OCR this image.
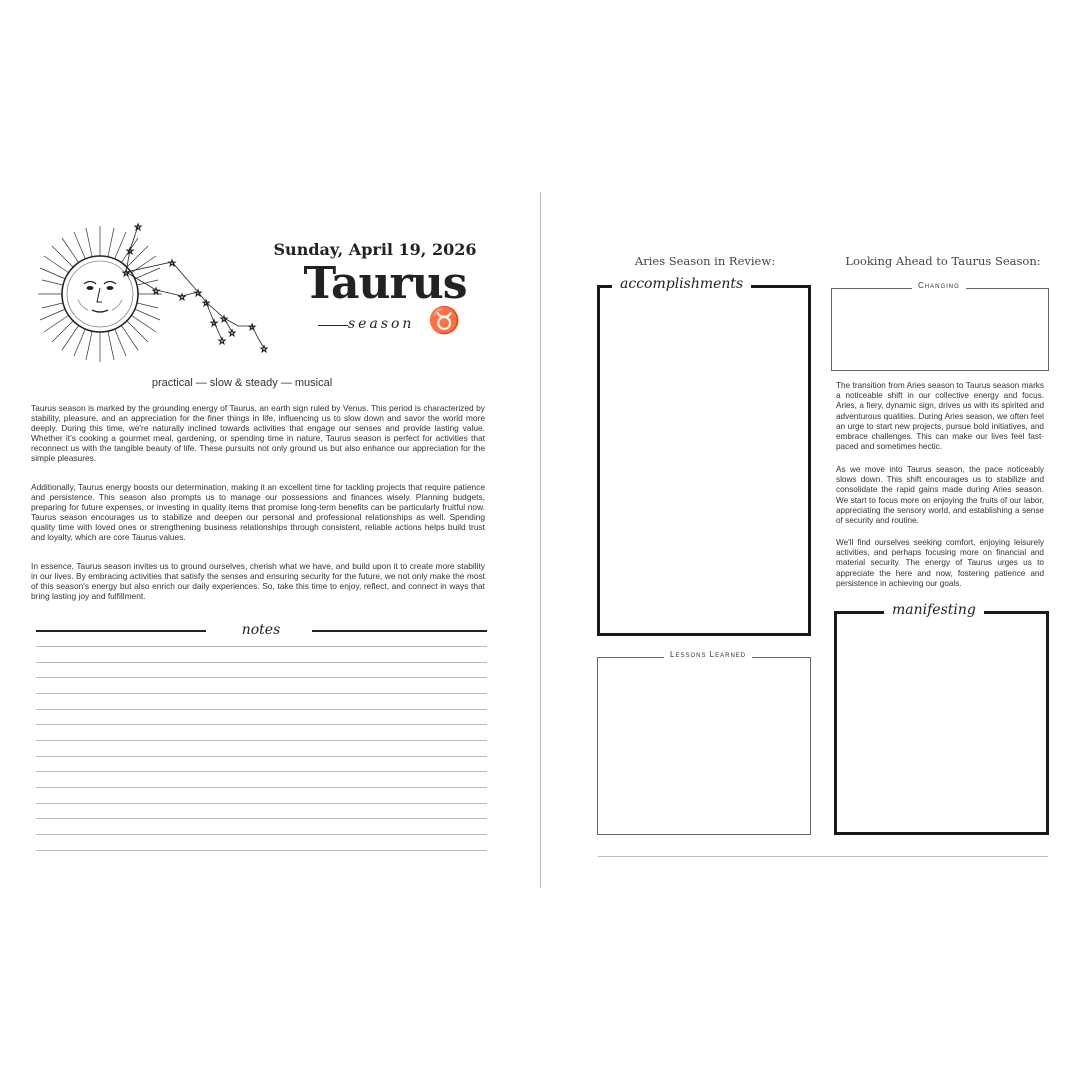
☆
☆
☆
☆
☆
☆
☆
☆
☆
☆
☆
☆
☆
☆
Sunday, April 19, 2026
Taurus
season ♉
practical — slow & steady — musical
Taurus season is marked by the grounding energy of Taurus, an earth sign ruled by Venus. This period is characterized by stability, pleasure, and an appreciation for the finer things in life, influencing us to slow down and savor the world more deeply. During this time, we're naturally inclined towards activities that engage our senses and provide lasting value. Whether it's cooking a gourmet meal, gardening, or spending time in nature, Taurus season is perfect for activities that reconnect us with the tangible beauty of life. These pursuits not only ground us but also enhance our appreciation for the simple pleasures.
Additionally, Taurus energy boosts our determination, making it an excellent time for tackling projects that require patience and persistence. This season also prompts us to manage our possessions and finances wisely. Planning budgets, preparing for future expenses, or investing in quality items that promise long-term benefits can be particularly fruitful now. Taurus season encourages us to stabilize and deepen our personal and professional relationships as well. Spending quality time with loved ones or strengthening business relationships through consistent, reliable actions helps build trust and loyalty, which are core Taurus values.
In essence, Taurus season invites us to ground ourselves, cherish what we have, and build upon it to create more stability in our lives. By embracing activities that satisfy the senses and ensuring security for the future, we not only make the most of this season's energy but also enrich our daily experiences. So, take this time to enjoy, reflect, and connect in ways that bring lasting joy and fulfillment.
notes
Aries Season in Review:	Looking Ahead to Taurus Season:
accomplishments
Lessons Learned
Changing
The transition from Aries season to Taurus season marks a noticeable shift in our collective energy and focus. Aries, a fiery, dynamic sign, drives us with its spirited and adventurous qualities. During Aries season, we often feel an urge to start new projects, pursue bold initiatives, and embrace challenges. This can make our lives feel fast-paced and sometimes hectic.
As we move into Taurus season, the pace noticeably slows down. This shift encourages us to stabilize and consolidate the rapid gains made during Aries season. We start to focus more on enjoying the fruits of our labor, appreciating the sensory world, and establishing a sense of security and routine.
We'll find ourselves seeking comfort, enjoying leisurely activities, and perhaps focusing more on financial and material security. The energy of Taurus urges us to appreciate the here and now, fostering patience and persistence in achieving our goals.
manifesting
